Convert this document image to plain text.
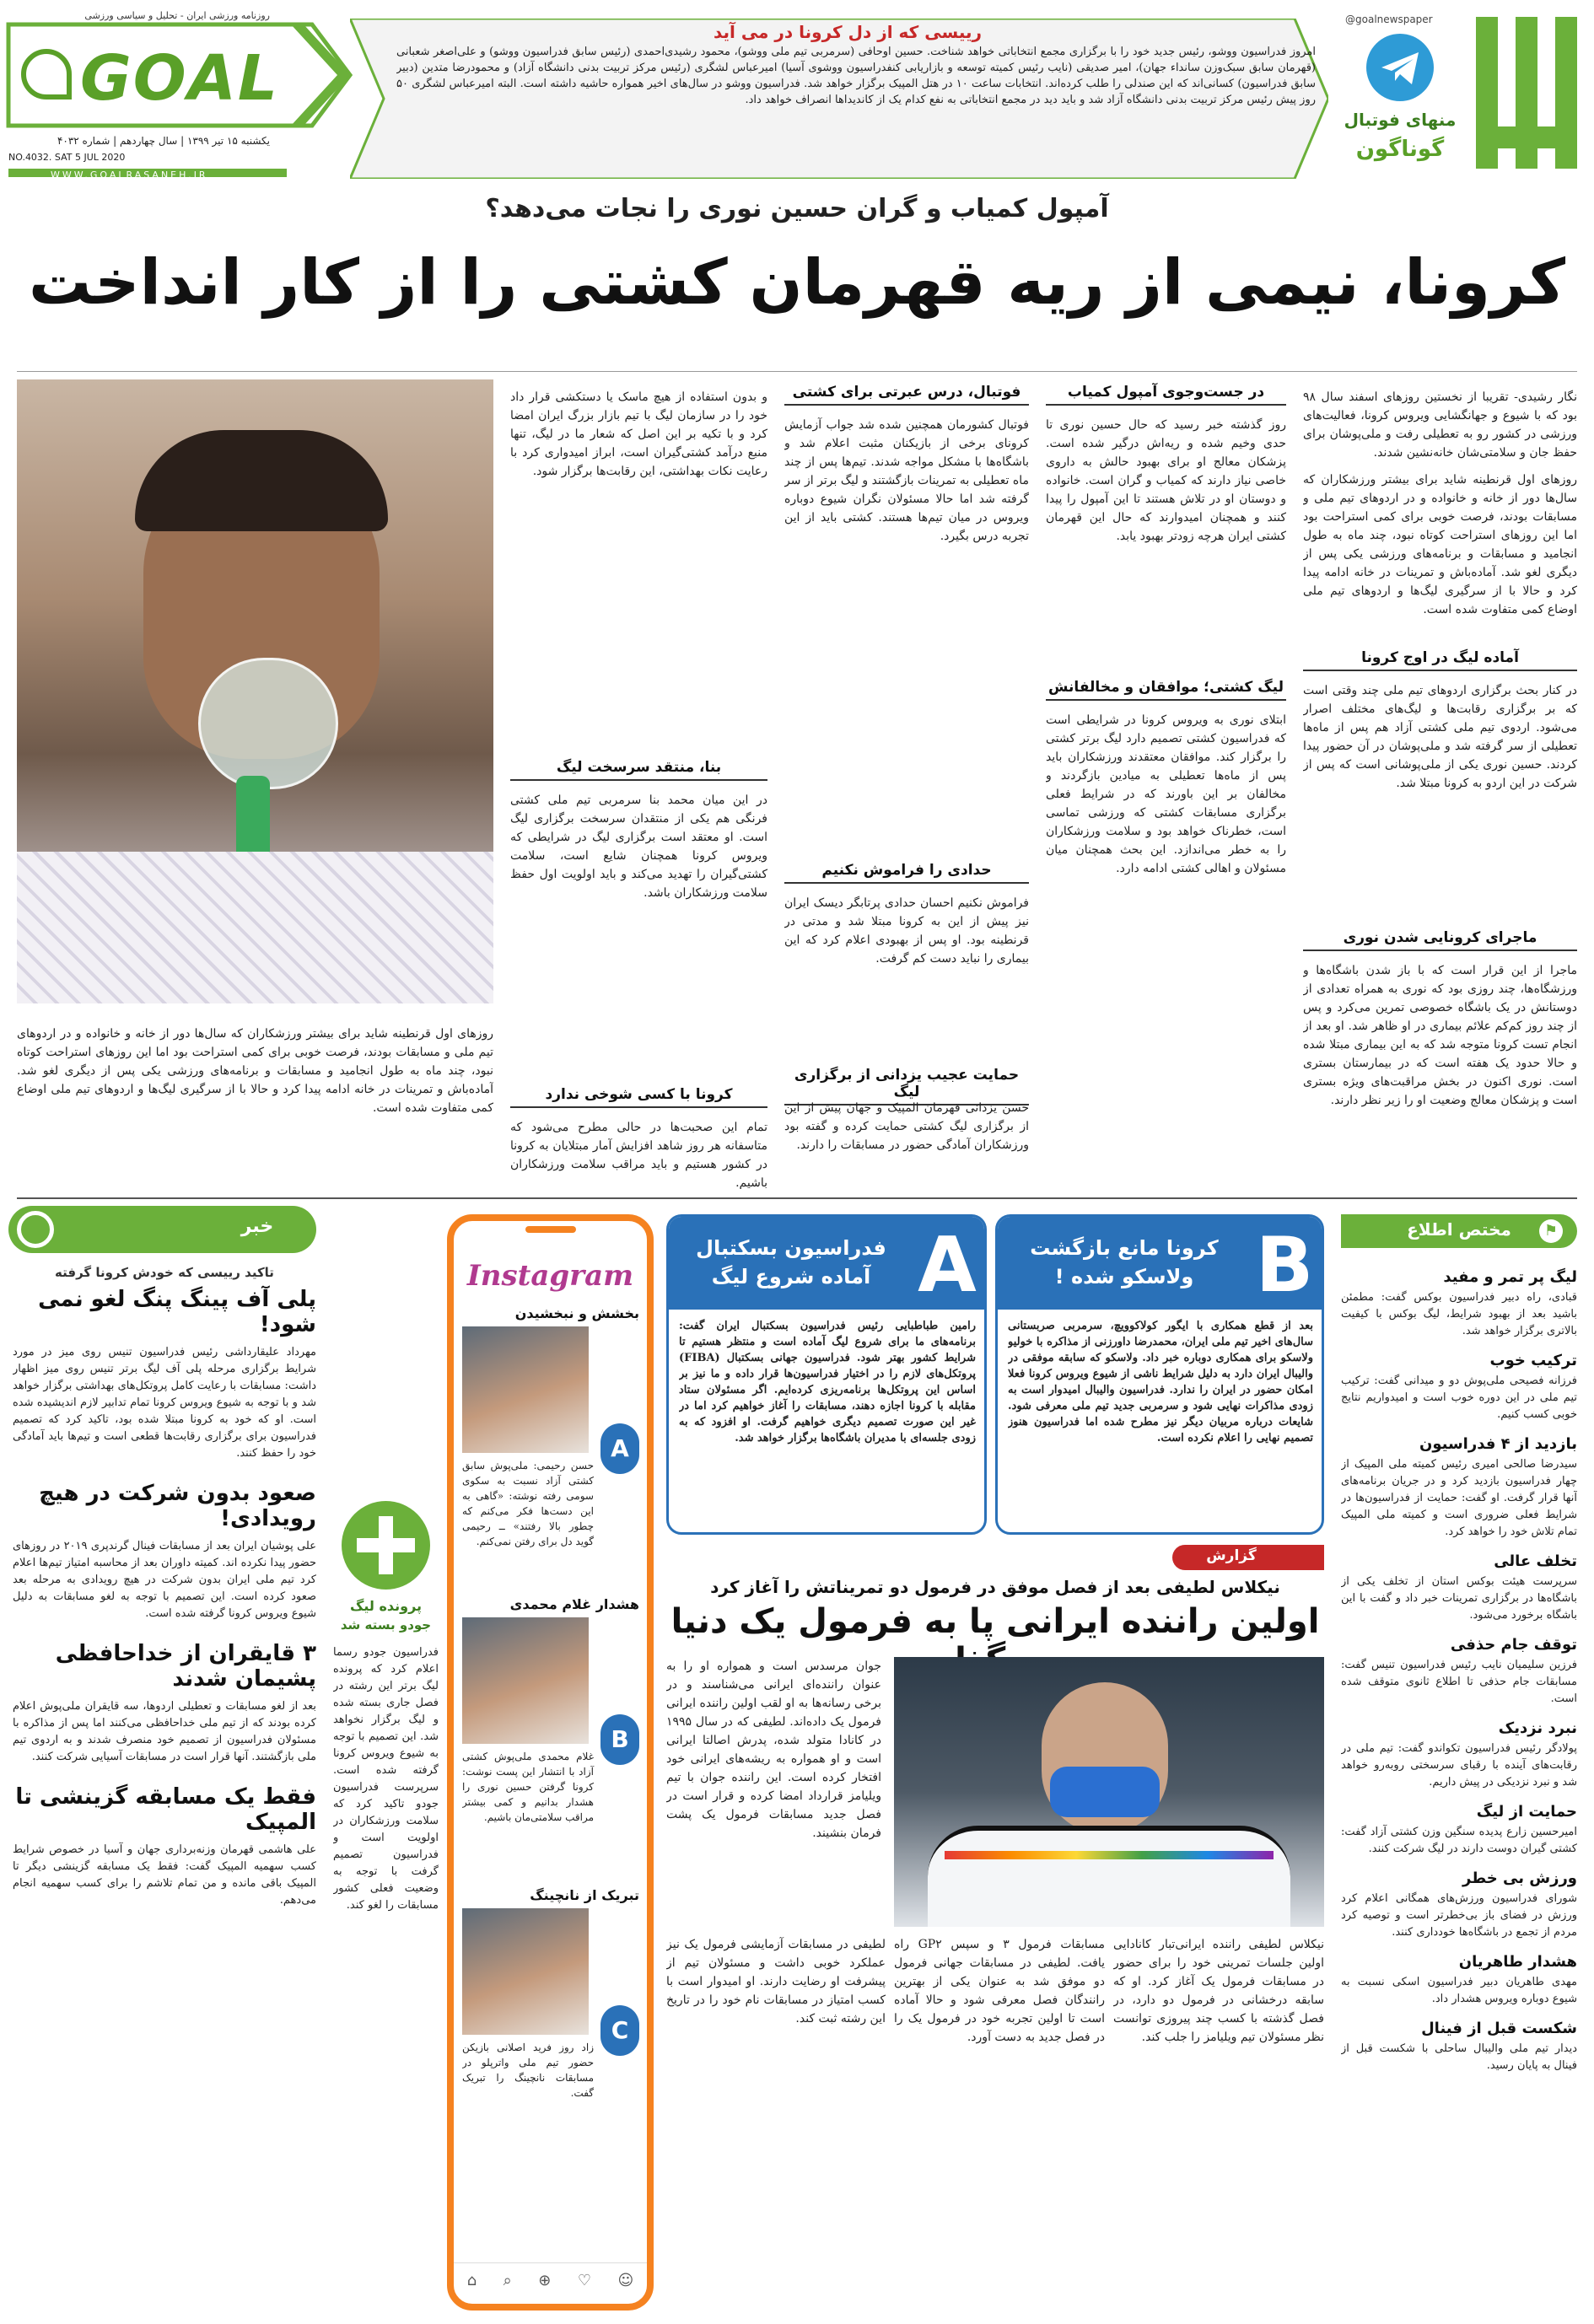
روزنامه ورزشی ایران - تحلیل و سیاسی ورزشی
GOAL
یکشنبه ۱۵ تیر ۱۳۹۹ | سال چهاردهم | شماره ۴۰۳۲
NO.4032. SAT 5 JUL 2020
WWW.GOALRASANEH.IR
رییسی که از دل کرونا در می آید
امروز فدراسیون ووشو، رئیس جدید خود را با برگزاری مجمع انتخاباتی خواهد شناخت. حسین اوحافی (سرمربی تیم ملی ووشو)، محمود رشیدی‌احمدی (رئیس سابق فدراسیون ووشو) و علی‌اصغر شعبانی (قهرمان سابق سبک‌وزن سانداء جهان)، امیر صدیقی (نایب رئیس کمیته توسعه و بازاریابی کنفدراسیون ووشوی آسیا) امیرعباس لشگری (رئیس مرکز تربیت بدنی دانشگاه آزاد) و محمودرضا متدین (دبیر سابق فدراسیون) کسانی‌اند که این صندلی را طلب کرده‌اند. انتخابات ساعت ۱۰ در هتل المپیک برگزار خواهد شد. فدراسیون ووشو در سال‌های اخیر همواره حاشیه داشته است. البته امیرعباس لشگری ۵۰ روز پیش رئیس مرکز تربیت بدنی دانشگاه آزاد شد و باید دید در مجمع انتخاباتی به نفع کدام یک از کاندیداها انصراف خواهد داد.
@goalnewspaper
منهای فوتبال
گوناگون
آمپول کمیاب و گران حسین نوری را نجات می‌دهد؟
کرونا، نیمی از ریه قهرمان کشتی را از کار انداخت
نگار رشیدی- تقریبا از نخستین روزهای اسفند سال ۹۸ بود که با شیوع و جهانگشایی ویروس کرونا، فعالیت‌های ورزشی در کشور رو به تعطیلی رفت و ملی‌پوشان برای حفظ جان و سلامتی‌شان خانه‌نشین شدند.
روزهای اول قرنطینه شاید برای بیشتر ورزشکاران که سال‌ها دور از خانه و خانواده و در اردوهای تیم ملی و مسابقات بودند، فرصت خوبی برای کمی استراحت بود اما این روزهای استراحت کوتاه نبود، چند ماه به طول انجامید و مسابقات و برنامه‌های ورزشی یکی پس از دیگری لغو شد. آماده‌باش و تمرینات در خانه ادامه پیدا کرد و حالا با از سرگیری لیگ‌ها و اردوهای تیم ملی اوضاع کمی متفاوت شده است.
آماده لیگ در اوج کرونا
در کنار بحث برگزاری اردوهای تیم ملی چند وقتی است که بر برگزاری رقابت‌ها و لیگ‌های مختلف اصرار می‌شود. اردوی تیم ملی کشتی آزاد هم پس از ماه‌ها تعطیلی از سر گرفته شد و ملی‌پوشان در آن حضور پیدا کردند. حسین نوری یکی از ملی‌پوشانی است که پس از شرکت در این اردو به کرونا مبتلا شد.
ماجرای کرونایی شدن نوری
ماجرا از این قرار است که با باز شدن باشگاه‌ها و ورزشگاه‌ها، چند روزی بود که نوری به همراه تعدادی از دوستانش در یک باشگاه خصوصی تمرین می‌کرد و پس از چند روز کم‌کم علائم بیماری در او ظاهر شد. او بعد از انجام تست کرونا متوجه شد که به این بیماری مبتلا شده و حالا حدود یک هفته است که در بیمارستان بستری است. نوری اکنون در بخش مراقبت‌های ویژه بستری است و پزشکان معالج وضعیت او را زیر نظر دارند.
در جست‌وجوی آمپول کمیاب
روز گذشته خبر رسید که حال حسین نوری تا حدی وخیم شده و ریه‌اش درگیر شده است. پزشکان معالج او برای بهبود حالش به داروی خاصی نیاز دارند که کمیاب و گران است. خانواده و دوستان او در تلاش هستند تا این آمپول را پیدا کنند و همچنان امیدوارند که حال این قهرمان کشتی ایران هرچه زودتر بهبود یابد.
لیگ کشتی؛ موافقان و مخالفانش
ابتلای نوری به ویروس کرونا در شرایطی است که فدراسیون کشتی تصمیم دارد لیگ برتر کشتی را برگزار کند. موافقان معتقدند ورزشکاران باید پس از ماه‌ها تعطیلی به میادین بازگردند و مخالفان بر این باورند که در شرایط فعلی برگزاری مسابقات کشتی که ورزشی تماسی است، خطرناک خواهد بود و سلامت ورزشکاران را به خطر می‌اندازد. این بحث همچنان میان مسئولان و اهالی کشتی ادامه دارد.
فوتبال، درس عبرتی برای کشتی
فوتبال کشورمان همچنین شده شد جواب آزمایش کرونای برخی از بازیکنان مثبت اعلام شد و باشگاه‌ها با مشکل مواجه شدند. تیم‌ها پس از چند ماه تعطیلی به تمرینات بازگشتند و لیگ برتر از سر گرفته شد اما حالا مسئولان نگران شیوع دوباره ویروس در میان تیم‌ها هستند. کشتی باید از این تجربه درس بگیرد.
حدادی را فراموش نکنیم
فراموش نکنیم احسان حدادی پرتابگر دیسک ایران نیز پیش از این به کرونا مبتلا شد و مدتی در قرنطینه بود. او پس از بهبودی اعلام کرد که این بیماری را نباید دست کم گرفت.
حمایت عجیب یزدانی از برگزاری لیگ
حسن یزدانی قهرمان المپیک و جهان پیش از این از برگزاری لیگ کشتی حمایت کرده و گفته بود ورزشکاران آمادگی حضور در مسابقات را دارند.
و بدون استفاده از هیچ ماسک یا دستکشی قرار داد خود را در سازمان لیگ با تیم بازار بزرگ ایران امضا کرد و با تکیه بر این اصل که شعار ما در لیگ، تنها منبع درآمد کشتی‌گیران است، ابراز امیدواری کرد با رعایت نکات بهداشتی، این رقابت‌ها برگزار شود.
بنا، منتقد سرسخت لیگ
در این میان محمد بنا سرمربی تیم ملی کشتی فرنگی هم یکی از منتقدان سرسخت برگزاری لیگ است. او معتقد است برگزاری لیگ در شرایطی که ویروس کرونا همچنان شایع است، سلامت کشتی‌گیران را تهدید می‌کند و باید اولویت اول حفظ سلامت ورزشکاران باشد.
کرونا با کسی شوخی ندارد
تمام این صحبت‌ها در حالی مطرح می‌شود که متاسفانه هر روز شاهد افزایش آمار مبتلایان به کرونا در کشور هستیم و باید مراقب سلامت ورزشکاران باشیم.
روزهای اول قرنطینه شاید برای بیشتر ورزشکاران که سال‌ها دور از خانه و خانواده و در اردوهای تیم ملی و مسابقات بودند، فرصت خوبی برای کمی استراحت بود اما این روزهای استراحت کوتاه نبود، چند ماه به طول انجامید و مسابقات و برنامه‌های ورزشی یکی پس از دیگری لغو شد. آماده‌باش و تمرینات در خانه ادامه پیدا کرد و حالا با از سرگیری لیگ‌ها و اردوهای تیم ملی اوضاع کمی متفاوت شده است.
مختص اطلاع	⚑
لیگ پر تمر و مفید

قبادی، راه دبیر فدراسیون بوکس گفت: مطمئن باشید بعد از بهبود شرایط، لیگ بوکس با کیفیت بالاتری برگزار خواهد شد.

ترکیب خوب

فرزانه فصیحی ملی‌پوش دو و میدانی گفت: ترکیب تیم ملی در این دوره خوب است و امیدواریم نتایج خوبی کسب کنیم.

بازدید از ۴ فدراسیون

سیدرضا صالحی امیری رئیس کمیته ملی المپیک از چهار فدراسیون بازدید کرد و در جریان برنامه‌های آنها قرار گرفت. او گفت: حمایت از فدراسیون‌ها در شرایط فعلی ضروری است و کمیته ملی المپیک تمام تلاش خود را خواهد کرد.

تخلف عالی

سرپرست هیئت بوکس استان از تخلف یکی از باشگاه‌ها در برگزاری تمرینات خبر داد و گفت با این باشگاه برخورد می‌شود.

توقف جام حذفی

فرزین سلیمیان نایب رئیس فدراسیون تنیس گفت: مسابقات جام حذفی تا اطلاع ثانوی متوقف شده است.

نبرد نزدیک

پولادگر رئیس فدراسیون تکواندو گفت: تیم ملی در رقابت‌های آینده با رقبای سرسختی روبه‌رو خواهد شد و نبرد نزدیکی در پیش داریم.

حمایت از لیگ

امیرحسین زارع پدیده سنگین وزن کشتی آزاد گفت: کشتی گیران دوست دارند در لیگ شرکت کنند.

ورزش بی خطر

شورای فدراسیون ورزش‌های همگانی اعلام کرد ورزش در فضای باز بی‌خطرتر است و توصیه کرد مردم از تجمع در باشگاه‌ها خودداری کنند.

هشدار طاهریان

مهدی طاهریان دبیر فدراسیون اسکی نسبت به شیوع دوباره ویروس هشدار داد.

شکست قبل از فینال

دیدار تیم ملی والیبال ساحلی با شکست قبل از فینال به پایان رسید.

B
کرونا مانع بازگشت ولاسکو شده !
بعد از قطع همکاری با ایگور کولاکوویچ، سرمربی صربستانی سال‌های اخیر تیم ملی ایران، محمدرضا داورزنی از مذاکره با خولیو ولاسکو برای همکاری دوباره خبر داد. ولاسکو که سابقه موفقی در والیبال ایران دارد به دلیل شرایط ناشی از شیوع ویروس کرونا فعلا امکان حضور در ایران را ندارد. فدراسیون والیبال امیدوار است به زودی مذاکرات نهایی شود و سرمربی جدید تیم ملی معرفی شود. شایعات درباره مربیان دیگر نیز مطرح شده اما فدراسیون هنوز تصمیم نهایی را اعلام نکرده است.
A
فدراسیون بسکتبال آماده شروع لیگ
رامین طباطبایی رئیس فدراسیون بسکتبال ایران گفت: برنامه‌های ما برای شروع لیگ آماده است و منتظر هستیم تا شرایط کشور بهتر شود. فدراسیون جهانی بسکتبال (FIBA) پروتکل‌های لازم را در اختیار فدراسیون‌ها قرار داده و ما نیز بر اساس این پروتکل‌ها برنامه‌ریزی کرده‌ایم. اگر مسئولان ستاد مقابله با کرونا اجازه دهند، مسابقات را آغاز خواهیم کرد اما در غیر این صورت تصمیم دیگری خواهیم گرفت. او افزود که به زودی جلسه‌ای با مدیران باشگاه‌ها برگزار خواهد شد.
گزارش
نیکلاس لطیفی بعد از فصل موفق در فرمول دو تمریناتش را آغاز کرد
اولین راننده ایرانی پا به فرمول یک دنیا
جوان مرسدس است و همواره او را به عنوان راننده‌ای ایرانی می‌شناسند و در برخی رسانه‌ها به او لقب اولین راننده ایرانی فرمول یک داده‌اند. لطیفی که در سال ۱۹۹۵ در کانادا متولد شده، پدرش اصالتا ایرانی است و او همواره به ریشه‌های ایرانی خود افتخار کرده است. این راننده جوان با تیم ویلیامز قرارداد امضا کرده و قرار است در فصل جدید مسابقات فرمول یک پشت فرمان بنشیند.
نیکلاس لطیفی راننده ایرانی‌تبار کانادایی اولین جلسات تمرینی خود را برای حضور در مسابقات فرمول یک آغاز کرد. او که سابقه درخشانی در فرمول دو دارد، در فصل گذشته با کسب چند پیروزی توانست نظر مسئولان تیم ویلیامز را جلب کند.
مسابقات فرمول ۳ و سپس GP۲ راه یافت. لطیفی در مسابقات جهانی فرمول دو موفق شد به عنوان یکی از بهترین رانندگان فصل معرفی شود و حالا آماده است تا اولین تجربه خود در فرمول یک را در فصل جدید به دست آورد.
لطیفی در مسابقات آزمایشی فرمول یک نیز عملکرد خوبی داشت و مسئولان تیم از پیشرفت او رضایت دارند. او امیدوار است با کسب امتیاز در مسابقات نام خود را در تاریخ این رشته ثبت کند.
Instagram
بخشش و نبخشیدن
A

حسن رحیمی: ملی‌پوش سابق کشتی آزاد نسبت به سکوی سومی رفته نوشته: «گاهی به این دست‌ها فکر می‌کنم که چطور بالا رفتند» ــ رحیمی گوید دل برای رفتن نمی‌کنم.

هشدار غلام محمدی
B

غلام محمدی ملی‌پوش کشتی آزاد با انتشار این پست نوشت: کرونا گرفتن حسین نوری را هشدار بدانیم و کمی بیشتر مراقب سلامتی‌مان باشیم.

تبریک از نانچینگ
C

زاد روز فرید اصلانی بازیکن حضور تیم ملی واترپلو در مسابقات نانچینگ را تبریک گفت.

⌂ ⌕ ⊕ ♡ ☺
پرونده لیگ
جودو بسته شد
فدراسیون جودو رسما اعلام کرد که پرونده لیگ برتر این رشته در فصل جاری بسته شده و لیگ برگزار نخواهد شد. این تصمیم با توجه به شیوع ویروس کرونا گرفته شده است. سرپرست فدراسیون جودو تاکید کرد که سلامت ورزشکاران در اولویت است و فدراسیون تصمیم گرفت با توجه به وضعیت فعلی کشور مسابقات را لغو کند.
خبر
تاکید رییسی که خودش کرونا گرفته
پلی آف پینگ پنگ لغو نمی شود!

مهرداد علیقارداشی رئیس فدراسیون تنیس روی میز در مورد شرایط برگزاری مرحله پلی آف لیگ برتر تنیس روی میز اظهار داشت: مسابقات با رعایت کامل پروتکل‌های بهداشتی برگزار خواهد شد و با توجه به شیوع ویروس کرونا تمام تدابیر لازم اندیشیده شده است. او که خود به کرونا مبتلا شده بود، تاکید کرد که تصمیم فدراسیون برای برگزاری رقابت‌ها قطعی است و تیم‌ها باید آمادگی خود را حفظ کنند.

صعود بدون شرکت در هیچ رویدادی!

علی پوشیان ایران بعد از مسابقات فینال گرندپری ۲۰۱۹ در روزهای حضور پیدا نکرده اند. کمیته داوران بعد از محاسبه امتیاز تیم‌ها اعلام کرد تیم ملی ایران بدون شرکت در هیچ رویدادی به مرحله بعد صعود کرده است. این تصمیم با توجه به لغو مسابقات به دلیل شیوع ویروس کرونا گرفته شده است.

۳ قایقران از خداحافظی پشیمان شدند

بعد از لغو مسابقات و تعطیلی اردوها، سه قایقران ملی‌پوش اعلام کرده بودند که از تیم ملی خداحافظی می‌کنند اما پس از مذاکره با مسئولان فدراسیون از تصمیم خود منصرف شدند و به اردوی تیم ملی بازگشتند. آنها قرار است در مسابقات آسیایی شرکت کنند.

فقط یک مسابقه گزینشی تا المپیک

علی هاشمی قهرمان وزنه‌برداری جهان و آسیا در خصوص شرایط کسب سهمیه المپیک گفت: فقط یک مسابقه گزینشی دیگر تا المپیک باقی مانده و من تمام تلاشم را برای کسب سهمیه انجام می‌دهم.
